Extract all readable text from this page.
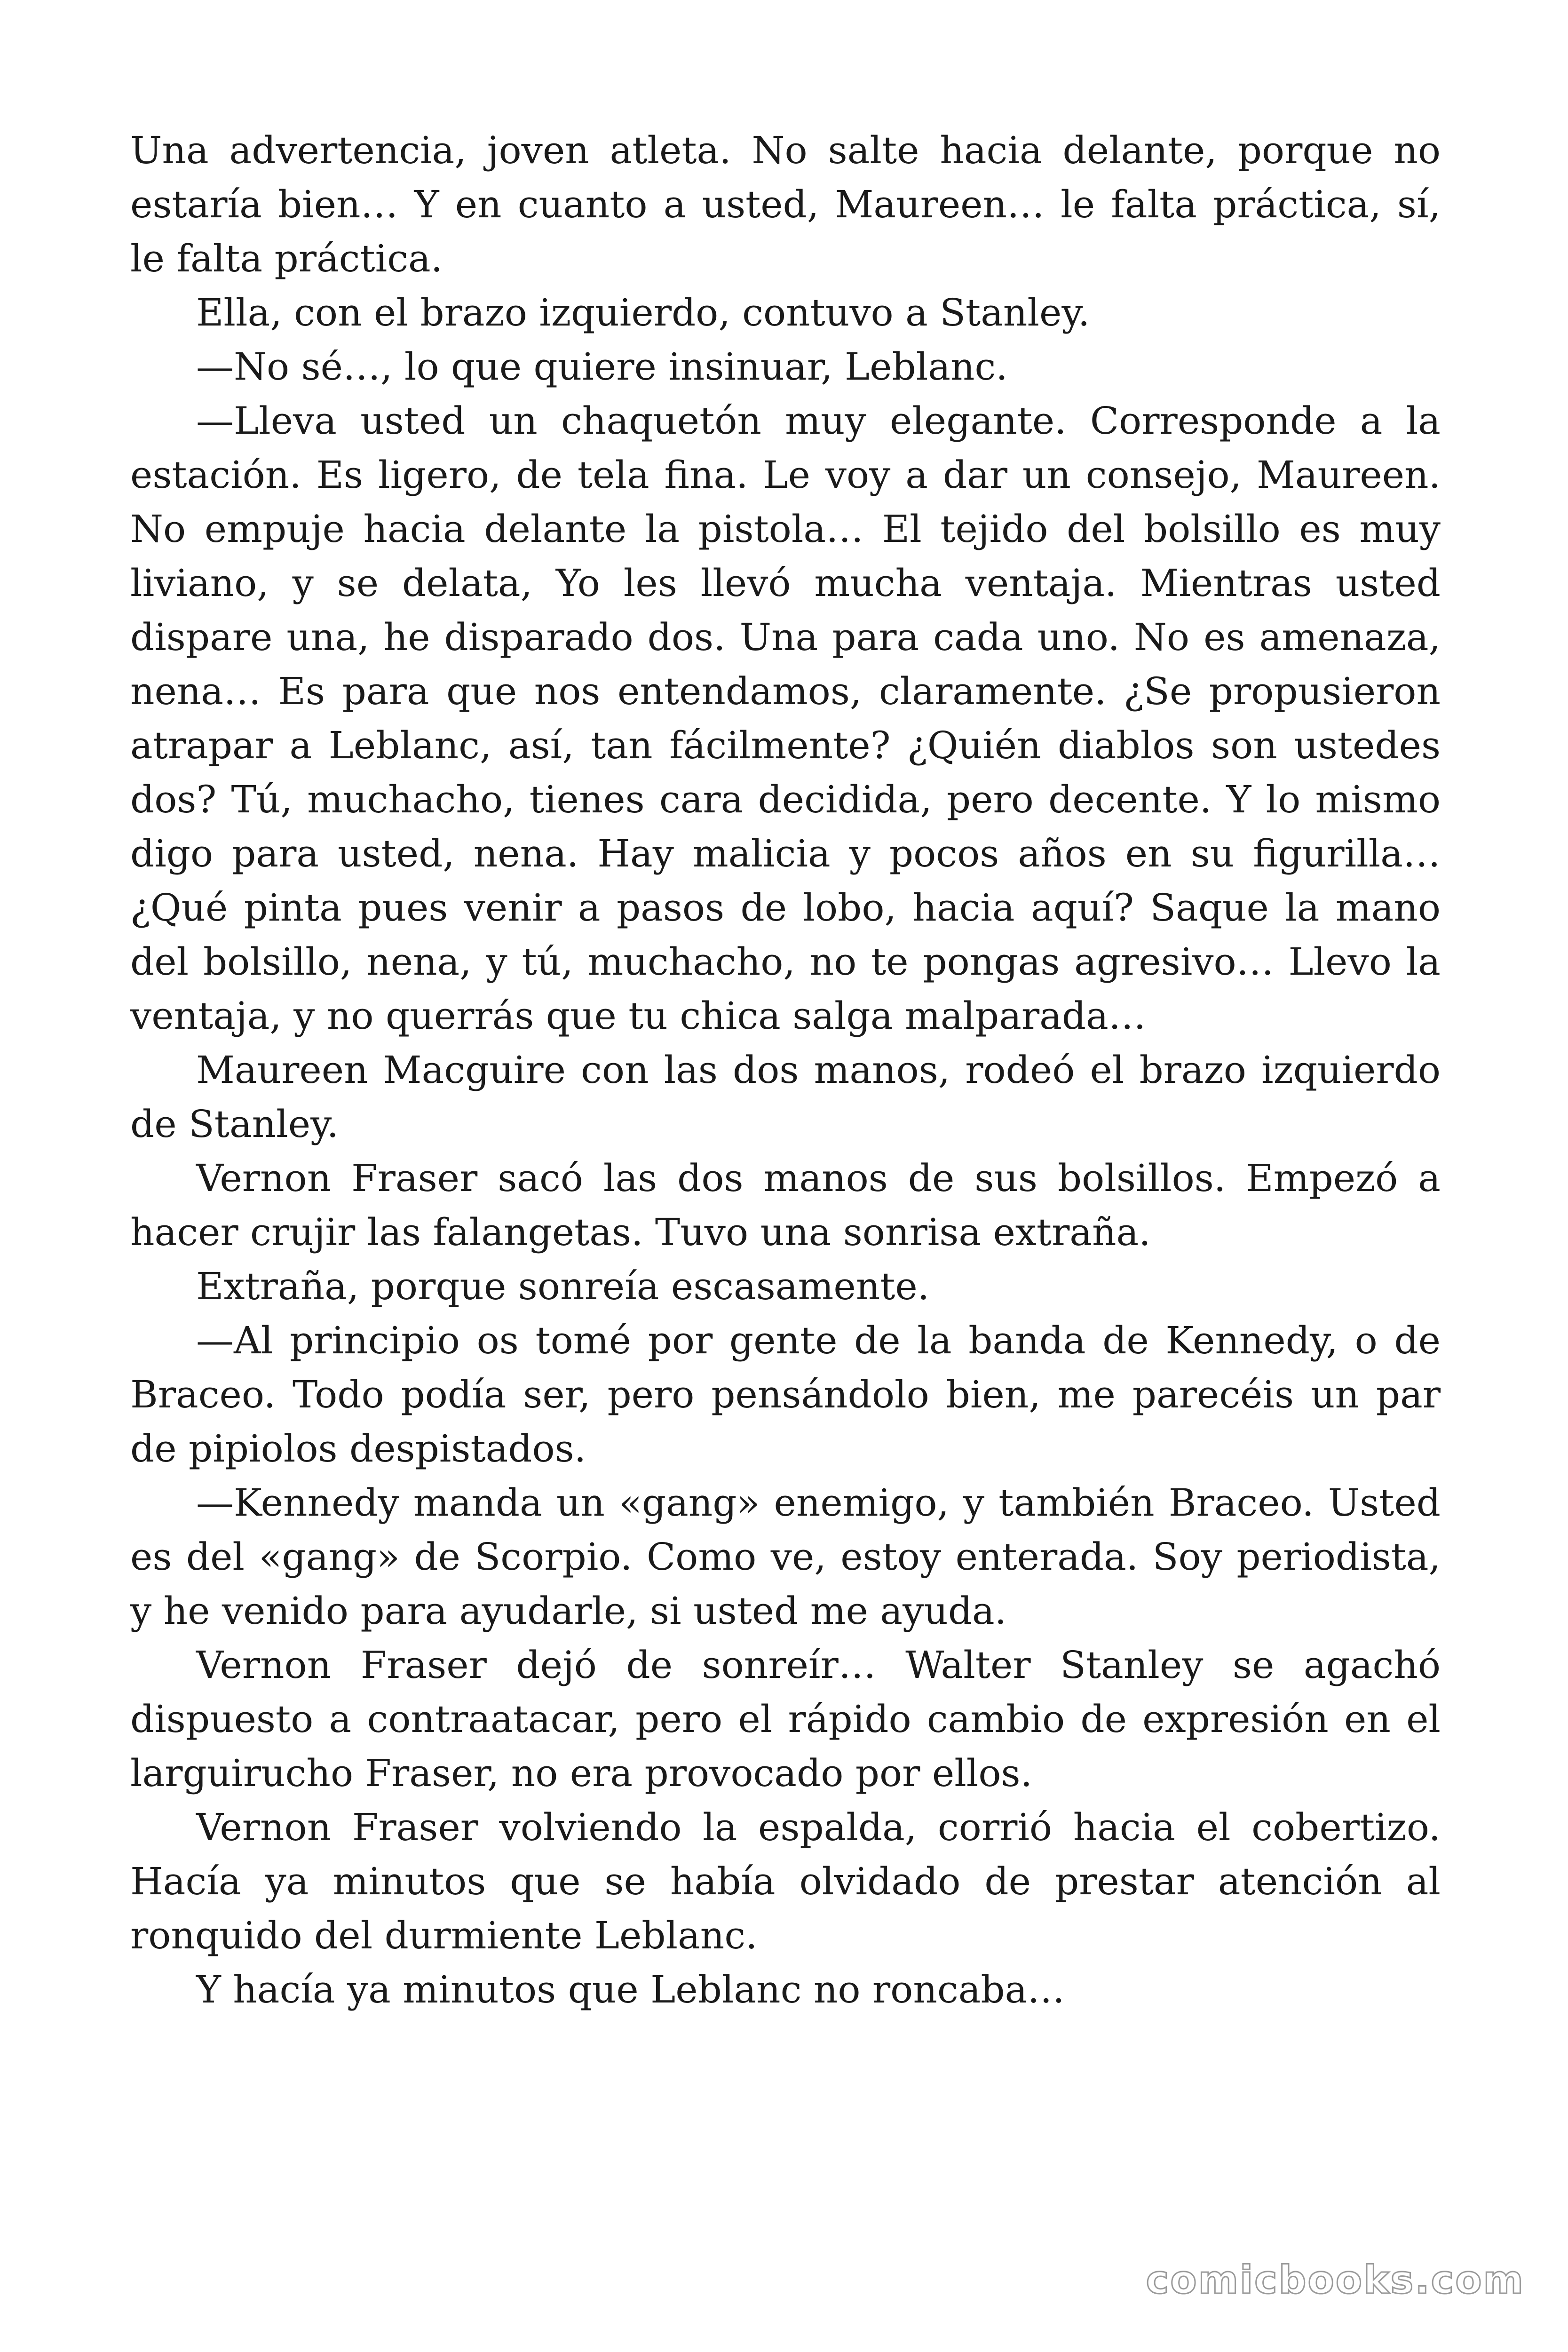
Una advertencia, joven atleta. No salte hacia delante, porque no estaría bien… Y en cuanto a usted, Maureen… le falta práctica, sí, le falta práctica.

Ella, con el brazo izquierdo, contuvo a Stanley.

—No sé…, lo que quiere insinuar, Leblanc.

—Lleva usted un chaquetón muy elegante. Corresponde a la estación. Es ligero, de tela fina. Le voy a dar un consejo, Maureen. No empuje hacia delante la pistola… El tejido del bolsillo es muy liviano, y se delata, Yo les llevó mucha ventaja. Mientras usted dispare una, he disparado dos. Una para cada uno. No es amenaza, nena… Es para que nos entendamos, claramente. ¿Se propusieron atrapar a Leblanc, así, tan fácilmente? ¿Quién diablos son ustedes dos? Tú, muchacho, tienes cara decidida, pero decente. Y lo mismo digo para usted, nena. Hay malicia y pocos años en su figurilla… ¿Qué pinta pues venir a pasos de lobo, hacia aquí? Saque la mano del bolsillo, nena, y tú, muchacho, no te pongas agresivo… Llevo la ventaja, y no querrás que tu chica salga malparada…

Maureen Macguire con las dos manos, rodeó el brazo izquierdo de Stanley.

Vernon Fraser sacó las dos manos de sus bolsillos. Empezó a hacer crujir las falangetas. Tuvo una sonrisa extraña.

Extraña, porque sonreía escasamente.

—Al principio os tomé por gente de la banda de Kennedy, o de Braceo. Todo podía ser, pero pensándolo bien, me parecéis un par de pipiolos despistados.

—Kennedy manda un «gang» enemigo, y también Braceo. Usted es del «gang» de Scorpio. Como ve, estoy enterada. Soy periodista, y he venido para ayudarle, si usted me ayuda.

Vernon Fraser dejó de sonreír… Walter Stanley se agachó dispuesto a contraatacar, pero el rápido cambio de expresión en el larguirucho Fraser, no era provocado por ellos.

Vernon Fraser volviendo la espalda, corrió hacia el cobertizo. Hacía ya minutos que se había olvidado de prestar atención al ronquido del durmiente Leblanc.

Y hacía ya minutos que Leblanc no roncaba…

comicbooks.com
